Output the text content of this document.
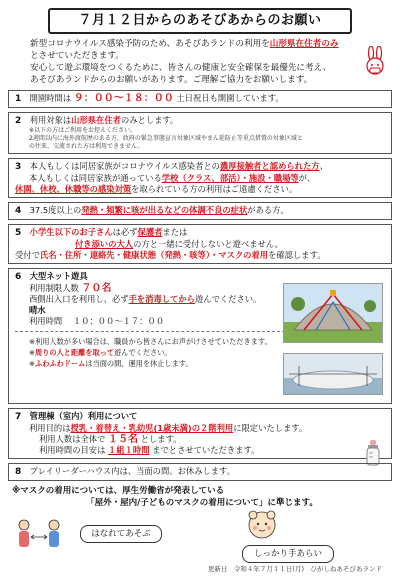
７月１２日からのあそびあからのお願い

新型コロナウイルス感染予防のため、あそびあランドの利用を山形県在住者のみ

とさせていただきます。

安心して遊ぶ環境をつくるために、皆さんの健康と安全確保を最優先に考え、

あそびあランドからのお願いがあります。ご理解ご協力をお願いします。

1 開園時間は ９：００～１８：００ 土日祝日も開園しています。
2 利用対象は山形県在住者のみとします。
※以下の方はご利用をお控えください。
2週間以内に海外渡航歴のある方、政府の緊急事態宣言対象区域やまん延防止等重点措置の対象区域と
の往来、交流された方は利用できません。
3 本人もしくは同居家族がコロナウイルス感染者との濃厚接触者と認められた方、
本人もしくは同居家族が通っている学校（クラス、部活）・施設・職場等が、
休園、休校、休職等の感染対策を取られている方の利用はご遠慮ください。
4 37.5度以上の発熱・頻繁に咳が出るなどの体調不良の症状がある方。
5 小学生以下のお子さんは必ず保護者または
付き添いの大人の方と一緒に受付しないと遊べません。
受付で氏名・住所・連絡先・健康状態（発熱・咳等）・マスクの着用を確認します。
6 大型ネット遊具
利用制限人数 ７０名
西側出入口を利用し、必ず手を消毒してから遊んでください。
晴水
利用時間 １０：００～１７：００
※利用人数が多い場合は、職員から皆さんにお声がけさせていただきます。
※周りの人と距離を取って遊んでください。
※ふわふわドームは当面の間、運用を休止します。
7 管理棟（室内）利用について
利用目的は授乳・着替え・乳幼児(1歳未満)の２階利用に限定いたします。
利用人数は全体で １５名 とします。
利用時間の目安は １組１時間 までとさせていただきます。
8 プレイリーダーハウス内は、当面の間、お休みします。
※マスクの着用については、厚生労働省が発表している
「屋外・屋内/子どものマスクの着用について」に準じます。
はなれてあそぶ
しっかり手あらい
更新日　令和４年７月１１日(月)　ひがしねあそびあランド
